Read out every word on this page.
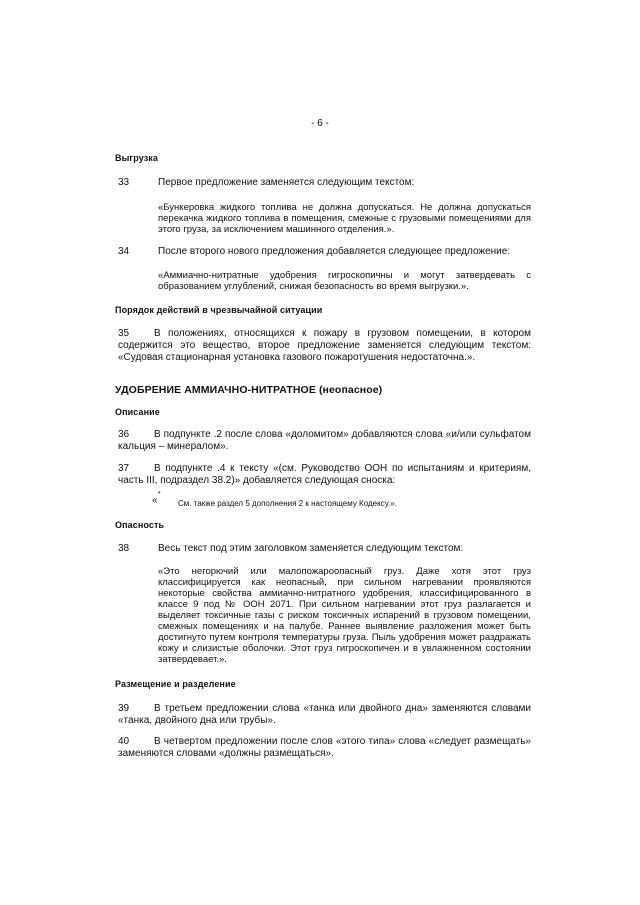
- 6 -
Выгрузка
33	Первое предложение заменяется следующим текстом:
«Бункеровка жидкого топлива не должна допускаться. Не должна допускаться перекачка жидкого топлива в помещения, смежные с грузовыми помещениями для этого груза, за исключением машинного отделения.».
34	После второго нового предложения добавляется следующее предложение:
«Аммиачно-нитратные удобрения гигроскопичны и могут затвердевать с образованием углублений, снижая безопасность во время выгрузки.».
Порядок действий в чрезвычайной ситуации
35	В положениях, относящихся к пожару в грузовом помещении, в котором содержится это вещество, второе предложение заменяется следующим текстом: «Судовая стационарная установка газового пожаротушения недостаточна.».
УДОБРЕНИЕ АММИАЧНО-НИТРАТНОЕ (неопасное)
Описание
36	В подпункте .2 после слова «доломитом» добавляются слова «и/или сульфатом кальция – минералом».
37	В подпункте .4 к тексту «(см. Руководство ООН по испытаниям и критериям, часть III, подраздел 38.2)» добавляется следующая сноска:
«
*
См. также раздел 5 дополнения 2 к настоящему Кодексу.».
Опасность
38	Весь текст под этим заголовком заменяется следующим текстом:
«Это негорючий или малопожароопасный груз. Даже хотя этот груз классифицируется как неопасный, при сильном нагревании проявляются некоторые свойства аммиачно-нитратного удобрения, классифицированного в классе 9 под № ООН 2071. При сильном нагревании этот груз разлагается и выделяет токсичные газы с риском токсичных испарений в грузовом помещении, смежных помещениях и на палубе. Раннее выявление разложения может быть достигнуто путем контроля температуры груза. Пыль удобрения может раздражать кожу и слизистые оболочки. Этот груз гигроскопичен и в увлажненном состоянии затвердевает.».
Размещение и разделение
39	В третьем предложении слова «танка или двойного дна» заменяются словами «танка, двойного дна или трубы».
40	В четвертом предложении после слов «этого типа» слова «следует размещать» заменяются словами «должны размещаться».
